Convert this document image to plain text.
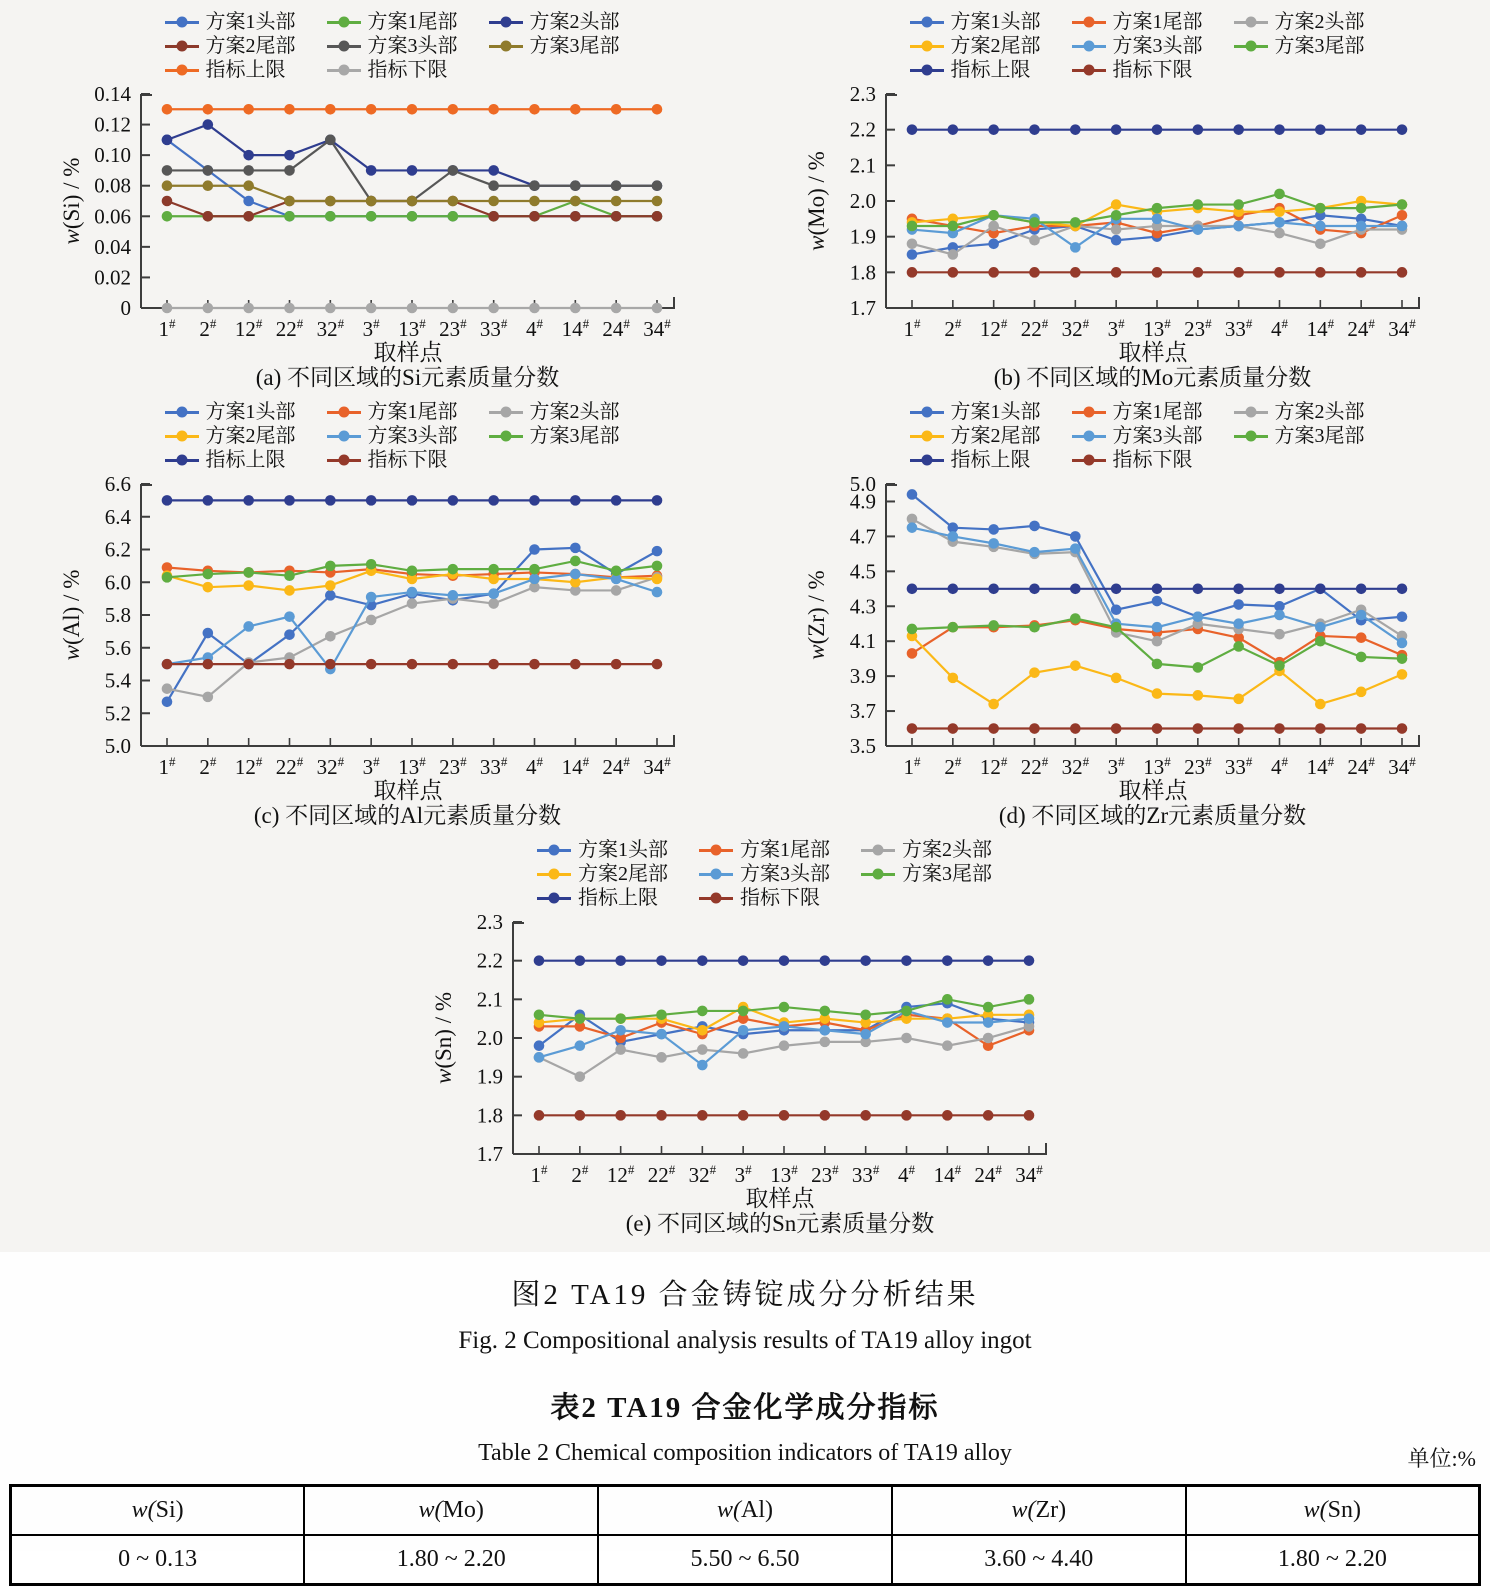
方案1头部	方案1尾部	方案2头部
方案2尾部	方案3头部	方案3尾部
指标上限	指标下限
0
0.02
0.04
0.06
0.08
0.10
0.12
0.14
1# 2# 12# 22# 32# 3# 13# 23# 33# 4# 14# 24# 34#
取样点
w(Si) / %
(a) 不同区域的Si元素质量分数
方案1头部	方案1尾部	方案2头部
方案2尾部	方案3头部	方案3尾部
指标上限	指标下限
1.7
1.8
1.9
2.0
2.1
2.2
2.3
1# 2# 12# 22# 32# 3# 13# 23# 33# 4# 14# 24# 34#
取样点
w(Mo) / %
(b) 不同区域的Mo元素质量分数
方案1头部	方案1尾部	方案2头部
方案2尾部	方案3头部	方案3尾部
指标上限	指标下限
5.0
5.2
5.4
5.6
5.8
6.0
6.2
6.4
6.6
1# 2# 12# 22# 32# 3# 13# 23# 33# 4# 14# 24# 34#
取样点
w(Al) / %
(c) 不同区域的Al元素质量分数
方案1头部	方案1尾部	方案2头部
方案2尾部	方案3头部	方案3尾部
指标上限	指标下限
3.5
3.7
3.9
4.1
4.3
4.5
4.7
4.9
5.0
1# 2# 12# 22# 32# 3# 13# 23# 33# 4# 14# 24# 34#
取样点
w(Zr) / %
(d) 不同区域的Zr元素质量分数
方案1头部	方案1尾部	方案2头部
方案2尾部	方案3头部	方案3尾部
指标上限	指标下限
1.7
1.8
1.9
2.0
2.1
2.2
2.3
1# 2# 12# 22# 32# 3# 13# 23# 33# 4# 14# 24# 34#
取样点
w(Sn) / %
(e) 不同区域的Sn元素质量分数

图2 TA19 合金铸锭成分分析结果

Fig. 2 Compositional analysis results of TA19 alloy ingot

表2 TA19 合金化学成分指标

Table 2 Chemical composition indicators of TA19 alloy	单位:%
w(Si)	w(Mo)	w(Al)	w(Zr)	w(Sn)

0 ~ 0.13	1.80 ~ 2.20	5.50 ~ 6.50	3.60 ~ 4.40	1.80 ~ 2.20
